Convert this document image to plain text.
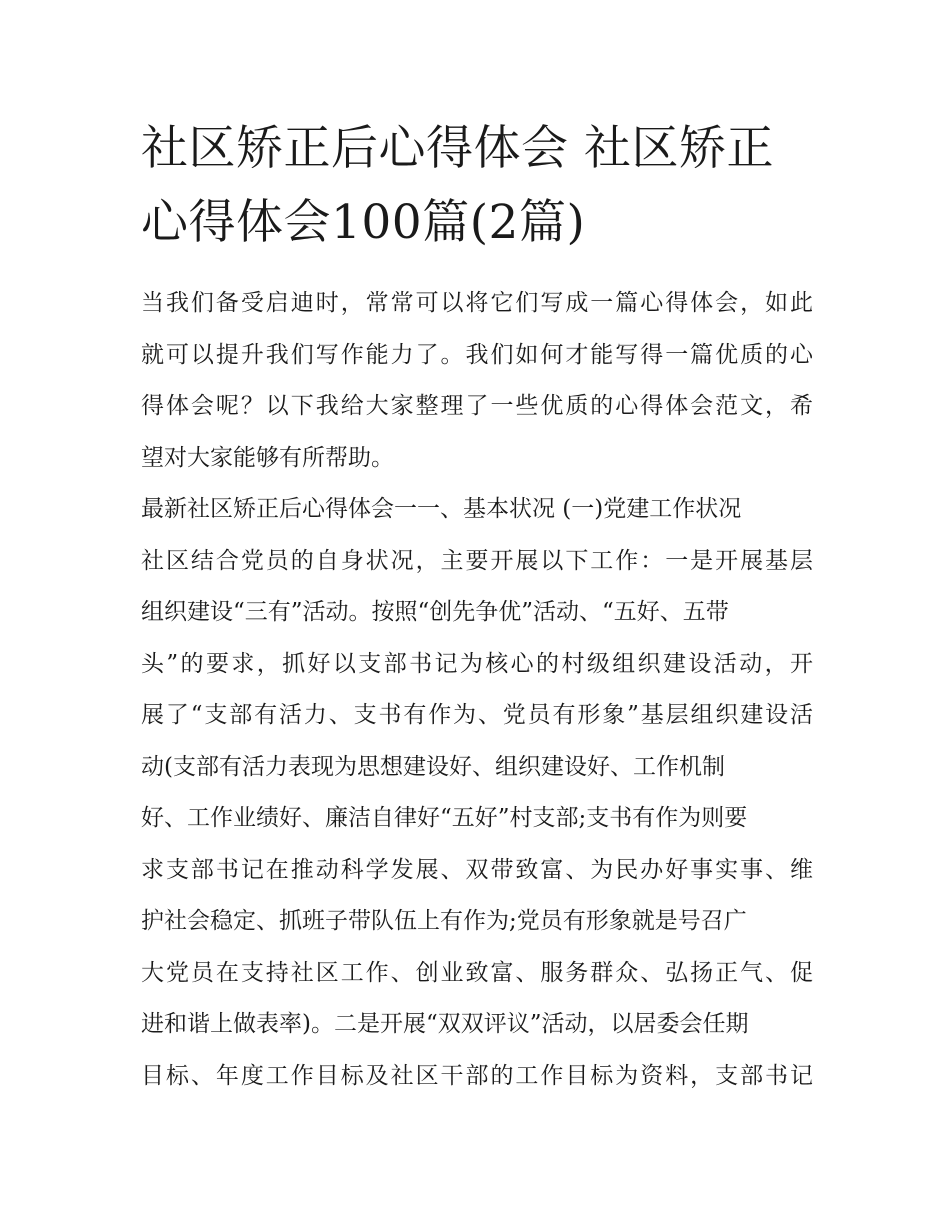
社区矫正后心得体会 社区矫正
心得体会100篇(2篇)
当我们备受启迪时，常常可以将它们写成一篇心得体会，如此
就可以提升我们写作能力了。我们如何才能写得一篇优质的心
得体会呢？以下我给大家整理了一些优质的心得体会范文，希
望对大家能够有所帮助。
最新社区矫正后心得体会一一、基本状况 (一)党建工作状况
社区结合党员的自身状况，主要开展以下工作：一是开展基层
组织建设“三有”活动。按照“创先争优”活动、“五好、五带
头”的要求，抓好以支部书记为核心的村级组织建设活动，开
展了“支部有活力、支书有作为、党员有形象”基层组织建设活
动(支部有活力表现为思想建设好、组织建设好、工作机制
好、工作业绩好、廉洁自律好“五好”村支部;支书有作为则要
求支部书记在推动科学发展、双带致富、为民办好事实事、维
护社会稳定、抓班子带队伍上有作为;党员有形象就是号召广
大党员在支持社区工作、创业致富、服务群众、弘扬正气、促
进和谐上做表率)。二是开展“双双评议”活动，以居委会任期
目标、年度工作目标及社区干部的工作目标为资料，支部书记
